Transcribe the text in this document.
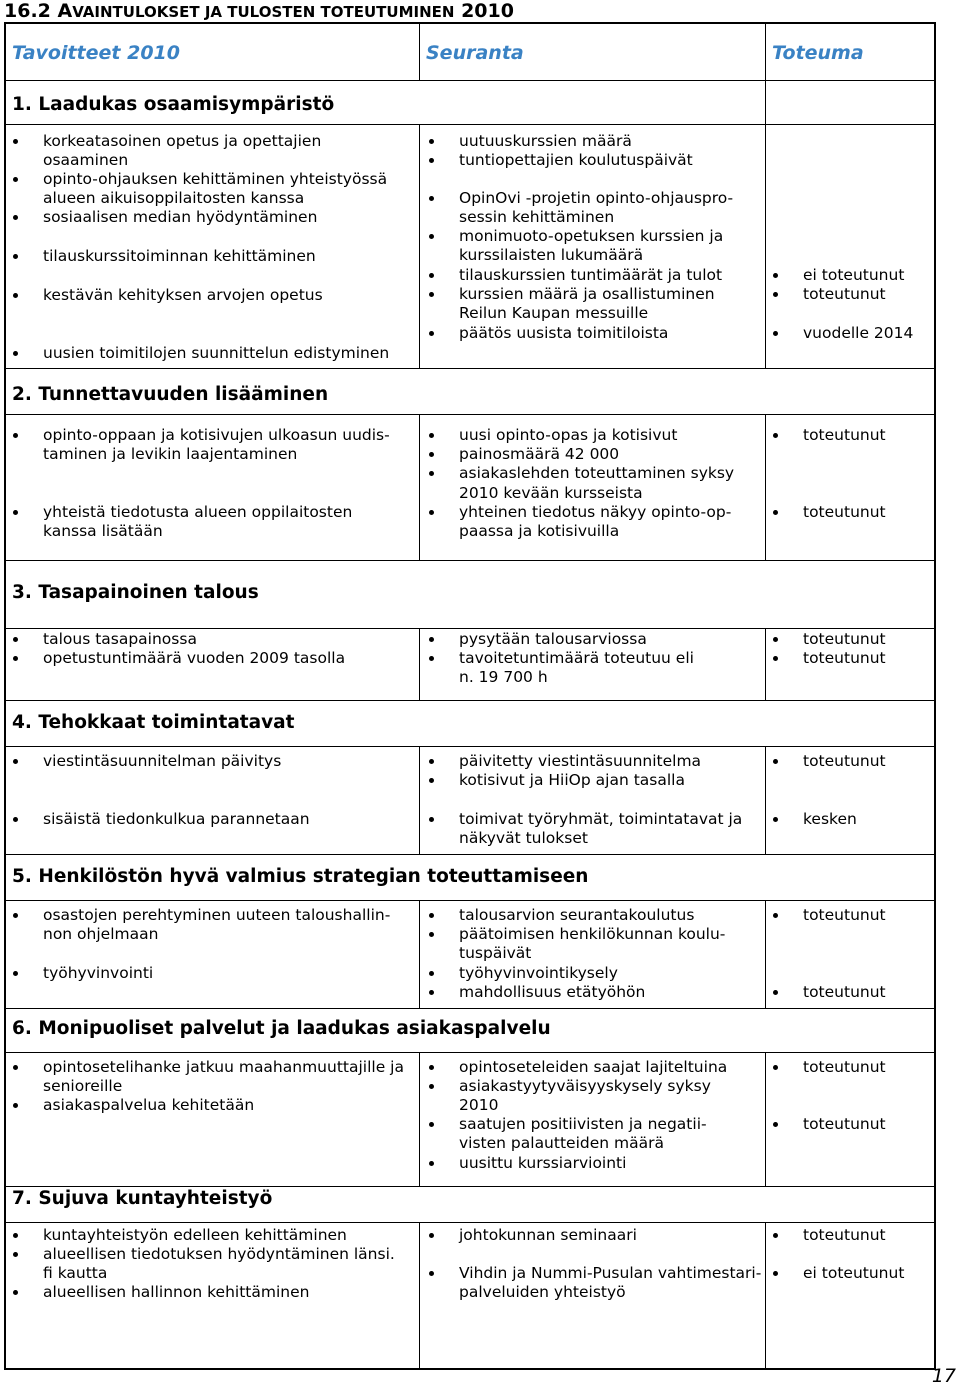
16.2 AVAINTULOKSET JA TULOSTEN TOTEUTUMINEN 2010
Tavoitteet 2010	Seuranta	Toteuma
1. Laadukas osaamisympäristö
korkeatasoinen opetus ja opettajien
osaaminen
opinto-ohjauksen kehittäminen yhteistyössä
alueen aikuisoppilaitosten kanssa
sosiaalisen median hyödyntäminen
tilauskurssitoiminnan kehittäminen
kestävän kehityksen arvojen opetus
uusien toimitilojen suunnittelun edistyminen
uutuuskurssien määrä
tuntiopettajien koulutuspäivät
OpinOvi -projetin opinto-ohjauspro-
sessin kehittäminen
monimuoto-opetuksen kurssien ja
kurssilaisten lukumäärä
tilauskurssien tuntimäärät ja tulot
kurssien määrä ja osallistuminen
Reilun Kaupan messuille
päätös uusista toimitiloista
ei toteutunut
toteutunut
vuodelle 2014
2. Tunnettavuuden lisääminen
opinto-oppaan ja kotisivujen ulkoasun uudis-
taminen ja levikin laajentaminen
yhteistä tiedotusta alueen oppilaitosten
kanssa lisätään
uusi opinto-opas ja kotisivut
painosmäärä 42 000
asiakaslehden toteuttaminen syksy
2010 kevään kursseista
yhteinen tiedotus näkyy opinto-op-
paassa ja kotisivuilla
toteutunut
toteutunut
3. Tasapainoinen talous
talous tasapainossa
opetustuntimäärä vuoden 2009 tasolla
pysytään talousarviossa
tavoitetuntimäärä toteutuu eli
n. 19 700 h
toteutunut
toteutunut
4. Tehokkaat toimintatavat
viestintäsuunnitelman päivitys
sisäistä tiedonkulkua parannetaan
päivitetty viestintäsuunnitelma
kotisivut ja HiiOp ajan tasalla
toimivat työryhmät, toimintatavat ja
näkyvät tulokset
toteutunut
kesken
5. Henkilöstön hyvä valmius strategian toteuttamiseen
osastojen perehtyminen uuteen taloushallin-
non ohjelmaan
työhyvinvointi
talousarvion seurantakoulutus
päätoimisen henkilökunnan koulu-
tuspäivät
työhyvinvointikysely
mahdollisuus etätyöhön
toteutunut
toteutunut
6. Monipuoliset palvelut ja laadukas asiakaspalvelu
opintosetelihanke jatkuu maahanmuuttajille ja
senioreille
asiakaspalvelua kehitetään
opintoseteleiden saajat lajiteltuina
asiakastyytyväisyyskysely syksy
2010
saatujen positiivisten ja negatii-
visten palautteiden määrä
uusittu kurssiarviointi
toteutunut
toteutunut
7. Sujuva kuntayhteistyö
kuntayhteistyön edelleen kehittäminen
alueellisen tiedotuksen hyödyntäminen länsi.
fi kautta
alueellisen hallinnon kehittäminen
johtokunnan seminaari
Vihdin ja Nummi-Pusulan vahtimestari-
palveluiden yhteistyö
toteutunut
ei toteutunut
17
